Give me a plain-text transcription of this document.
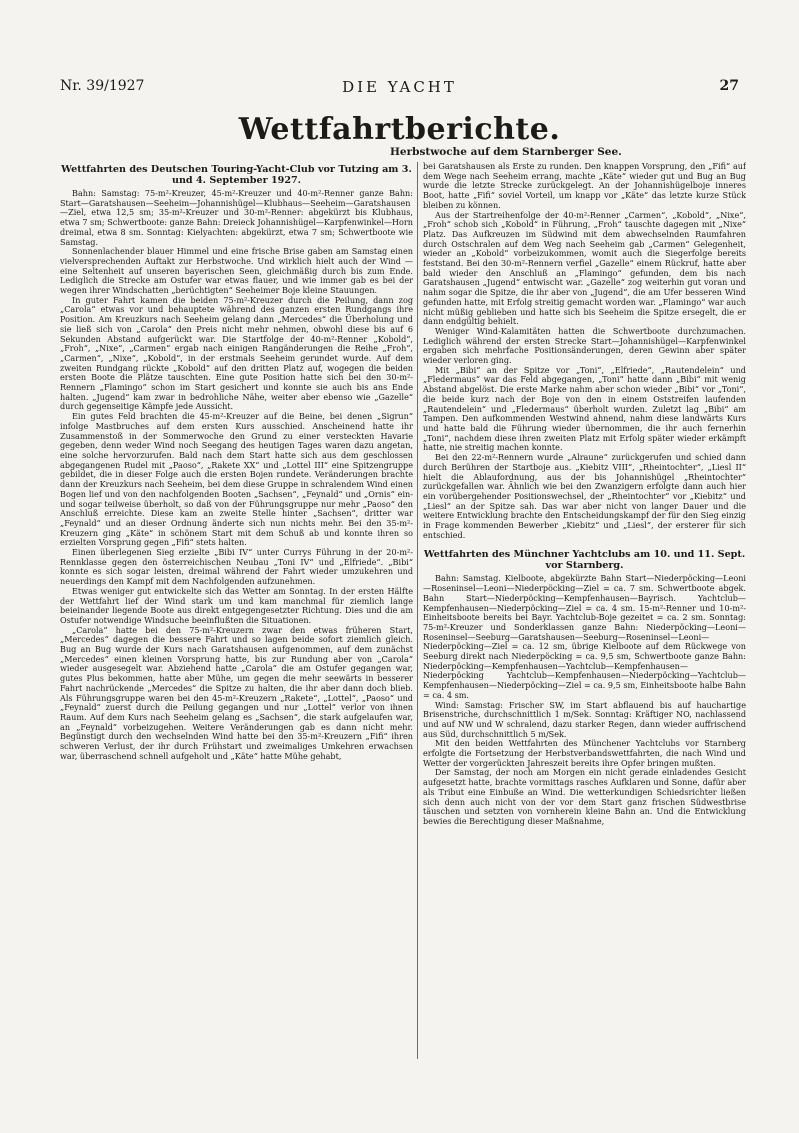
Nr. 39/1927	DIE YACHT	27
Wettfahrtberichte.
Herbstwoche auf dem Starnberger See.
Wettfahrten des Deutschen Touring-Yacht-Club vor Tutzing am 3. und 4. September 1927.

Bahn: Samstag: 75-m²-Kreuzer, 45-m²-Kreuzer und 40-m²-Renner ganze Bahn: Start—Garatshausen—Seeheim—Johannishügel—Klubhaus—Seeheim—Garatshausen—Ziel, etwa 12,5 sm; 35-m²-Kreuzer und 30-m²-Renner: abgekürzt bis Klubhaus, etwa 7 sm; Schwertboote: ganze Bahn: Dreieck Johannishügel—Karpfenwinkel—Horn dreimal, etwa 8 sm. Sonntag: Kielyachten: abgekürzt, etwa 7 sm; Schwertboote wie Samstag.

Sonnenlachender blauer Himmel und eine frische Brise gaben am Samstag einen vielversprechenden Auftakt zur Herbstwoche. Und wirklich hielt auch der Wind — eine Seltenheit auf unseren bayerischen Seen, gleichmäßig durch bis zum Ende. Lediglich die Strecke am Ostufer war etwas flauer, und wie immer gab es bei der wegen ihrer Windschatten „berüchtigten“ Seeheimer Boje kleine Stauungen.

In guter Fahrt kamen die beiden 75-m²-Kreuzer durch die Peilung, dann zog „Carola“ etwas vor und behauptete während des ganzen ersten Rundgangs ihre Position. Am Kreuzkurs nach Seeheim gelang dann „Mercedes“ die Überholung und sie ließ sich von „Carola“ den Preis nicht mehr nehmen, obwohl diese bis auf 6 Sekunden Abstand aufgerückt war. Die Startfolge der 40-m²-Renner „Kobold“, „Froh“, „Nixe“, „Carmen“ ergab nach einigen Rangänderungen die Reihe „Froh“, „Carmen“, „Nixe“, „Kobold“, in der erstmals Seeheim gerundet wurde. Auf dem zweiten Rundgang rückte „Kobold“ auf den dritten Platz auf, wogegen die beiden ersten Boote die Plätze tauschten. Eine gute Position hatte sich bei den 30-m²-Rennern „Flamingo“ schon im Start gesichert und konnte sie auch bis ans Ende halten. „Jugend“ kam zwar in bedrohliche Nähe, weiter aber ebenso wie „Gazelle“ durch gegenseitige Kämpfe jede Aussicht.

Ein gutes Feld brachten die 45-m²-Kreuzer auf die Beine, bei denen „Sigrun“ infolge Mastbruches auf dem ersten Kurs ausschied. Anscheinend hatte ihr Zusammenstoß in der Sommerwoche den Grund zu einer versteckten Havarie gegeben, denn weder Wind noch Seegang des heutigen Tages waren dazu angetan, eine solche hervorzurufen. Bald nach dem Start hatte sich aus dem geschlossen abgegangenen Rudel mit „Paoso“, „Rakete XX“ und „Lottel III“ eine Spitzengruppe gebildet, die in dieser Folge auch die ersten Bojen rundete. Veränderungen brachte dann der Kreuzkurs nach Seeheim, bei dem diese Gruppe in schralendem Wind einen Bogen lief und von den nachfolgenden Booten „Sachsen“, „Feynald“ und „Ornis“ ein- und sogar teilweise überholt, so daß von der Führungsgruppe nur mehr „Paoso“ den Anschluß erreichte. Diese kam an zweite Stelle hinter „Sachsen“, dritter war „Feynald“ und an dieser Ordnung änderte sich nun nichts mehr. Bei den 35-m²-Kreuzern ging „Käte“ in schönem Start mit dem Schuß ab und konnte ihren so erzielten Vorsprung gegen „Fifi“ stets halten.

Einen überlegenen Sieg erzielte „Bibi IV“ unter Currys Führung in der 20-m²-Rennklasse gegen den österreichischen Neubau „Toni IV“ und „Elfriede“. „Bibi“ konnte es sich sogar leisten, dreimal während der Fahrt wieder umzukehren und neuerdings den Kampf mit dem Nachfolgenden aufzunehmen.

Etwas weniger gut entwickelte sich das Wetter am Sonntag. In der ersten Hälfte der Wettfahrt lief der Wind stark um und kam manchmal für ziemlich lange beieinander liegende Boote aus direkt entgegengesetzter Richtung. Dies und die am Ostufer notwendige Windsuche beeinflußten die Situationen.

„Carola“ hatte bei den 75-m²-Kreuzern zwar den etwas früheren Start, „Mercedes“ dagegen die bessere Fahrt und so lagen beide sofort ziemlich gleich. Bug an Bug wurde der Kurs nach Garatshausen aufgenommen, auf dem zunächst „Mercedes“ einen kleinen Vorsprung hatte, bis zur Rundung aber von „Carola“ wieder ausgesegelt war. Abziehend hatte „Carola“ die am Ostufer gegangen war, gutes Plus bekommen, hatte aber Mühe, um gegen die mehr seewärts in besserer Fahrt nachrückende „Mercedes“ die Spitze zu halten, die ihr aber dann doch blieb. Als Führungsgruppe waren bei den 45-m²-Kreuzern „Rakete“, „Lottel“, „Paoso“ und „Feynald“ zuerst durch die Peilung gegangen und nur „Lottel“ verlor von ihnen Raum. Auf dem Kurs nach Seeheim gelang es „Sachsen“, die stark aufgelaufen war, an „Feynald“ vorbeizugehen. Weitere Veränderungen gab es dann nicht mehr. Begünstigt durch den wechselnden Wind hatte bei den 35-m²-Kreuzern „Fifi“ ihren schweren Verlust, der ihr durch Frühstart und zweimaliges Umkehren erwachsen war, überraschend schnell aufgeholt und „Käte“ hatte Mühe gehabt,

bei Garatshausen als Erste zu runden. Den knappen Vorsprung, den „Fifi“ auf dem Wege nach Seeheim errang, machte „Käte“ wieder gut und Bug an Bug wurde die letzte Strecke zurückgelegt. An der Johannishügelboje inneres Boot, hatte „Fifi“ soviel Vorteil, um knapp vor „Käte“ das letzte kurze Stück bleiben zu können.

Aus der Startreihenfolge der 40-m²-Renner „Carmen“, „Kobold“, „Nixe“, „Froh“ schob sich „Kobold“ in Führung, „Froh“ tauschte dagegen mit „Nixe“ Platz. Das Aufkreuzen im Südwind mit dem abwechselnden Raumfahren durch Ostschralen auf dem Weg nach Seeheim gab „Carmen“ Gelegenheit, wieder an „Kobold“ vorbeizukommen, womit auch die Siegerfolge bereits feststand. Bei den 30-m²-Rennern verfiel „Gazelle“ einem Rückruf, hatte aber bald wieder den Anschluß an „Flamingo“ gefunden, dem bis nach Garatshausen „Jugend“ entwischt war. „Gazelle“ zog weiterhin gut voran und nahm sogar die Spitze, die ihr aber von „Jugend“, die am Ufer besseren Wind gefunden hatte, mit Erfolg streitig gemacht worden war. „Flamingo“ war auch nicht müßig geblieben und hatte sich bis Seeheim die Spitze ersegelt, die er dann endgültig behielt.

Weniger Wind-Kalamitäten hatten die Schwertboote durchzumachen. Lediglich während der ersten Strecke Start—Johannishügel—Karpfenwinkel ergaben sich mehrfache Positionsänderungen, deren Gewinn aber später wieder verloren ging.

Mit „Bibi“ an der Spitze vor „Toni“, „Elfriede“, „Rautendelein“ und „Fledermaus“ war das Feld abgegangen, „Toni“ hatte dann „Bibi“ mit wenig Abstand abgelöst. Die erste Marke nahm aber schon wieder „Bibi“ vor „Toni“, die beide kurz nach der Boje von den in einem Oststreifen laufenden „Rautendelein“ und „Fledermaus“ überholt wurden. Zuletzt lag „Bibi“ am Tampen. Den aufkommenden Westwind ahnend, nahm diese landwärts Kurs und hatte bald die Führung wieder übernommen, die ihr auch fernerhin „Toni“, nachdem diese ihren zweiten Platz mit Erfolg später wieder erkämpft hatte, nie streitig machen konnte.

Bei den 22-m²-Rennern wurde „Alraune“ zurückgerufen und schied dann durch Berühren der Startboje aus. „Kiebitz VIII“, „Rheintochter“, „Liesl II“ hielt die Ablaufordnung, aus der bis Johannishügel „Rheintochter“ zurückgefallen war. Ähnlich wie bei den Zwanzigern erfolgte dann auch hier ein vorübergehender Positionswechsel, der „Rheintochter“ vor „Kiebitz“ und „Liesl“ an der Spitze sah. Das war aber nicht von langer Dauer und die weitere Entwicklung brachte den Entscheidungskampf der für den Sieg einzig in Frage kommenden Bewerber „Kiebitz“ und „Liesl“, der ersterer für sich entschied.

Wettfahrten des Münchner Yachtclubs am 10. und 11. Sept. vor Starnberg.

Bahn: Samstag. Kielboote, abgekürzte Bahn Start—Niederpöcking—Leoni—Roseninsel—Leoni—Niederpöcking—Ziel = ca. 7 sm. Schwertboote abgek. Bahn Start—Niederpöcking—Kempfenhausen—Bayrisch. Yachtclub—Kempfenhausen—Niederpöcking—Ziel = ca. 4 sm. 15-m²-Renner und 10-m²-Einheitsboote bereits bei Bayr. Yachtclub-Boje gezeitet = ca. 2 sm. Sonntag: 75-m²-Kreuzer und Sonderklassen ganze Bahn: Niederpöcking—Leoni—Roseninsel—Seeburg—Garatshausen—Seeburg—Roseninsel—Leoni—Niederpöcking—Ziel = ca. 12 sm, übrige Kielboote auf dem Rückwege von Seeburg direkt nach Niederpöcking = ca. 9,5 sm, Schwertboote ganze Bahn: Niederpöcking—Kempfenhausen—Yachtclub—Kempfenhausen—Niederpöcking Yachtclub—Kempfenhausen—Niederpöcking—Yachtclub—Kempfenhausen—Niederpöcking—Ziel = ca. 9,5 sm, Einheitsboote halbe Bahn = ca. 4 sm.

Wind: Samstag: Frischer SW, im Start abflauend bis auf hauchartige Brisenstriche, durchschnittlich 1 m/Sek. Sonntag: Kräftiger NO, nachlassend und auf NW und W schralend, dazu starker Regen, dann wieder auffrischend aus Süd, durchschnittlich 5 m/Sek.

Mit den beiden Wettfahrten des Münchener Yachtclubs vor Starnberg erfolgte die Fortsetzung der Herbstverbandswettfahrten, die nach Wind und Wetter der vorgerückten Jahreszeit bereits ihre Opfer bringen mußten.

Der Samstag, der noch am Morgen ein nicht gerade einladendes Gesicht aufgesetzt hatte, brachte vormittags rasches Aufklaren und Sonne, dafür aber als Tribut eine Einbuße an Wind. Die wetterkundigen Schiedsrichter ließen sich denn auch nicht von der vor dem Start ganz frischen Südwestbrise täuschen und setzten von vornherein kleine Bahn an. Und die Entwicklung bewies die Berechtigung dieser Maßnahme,
